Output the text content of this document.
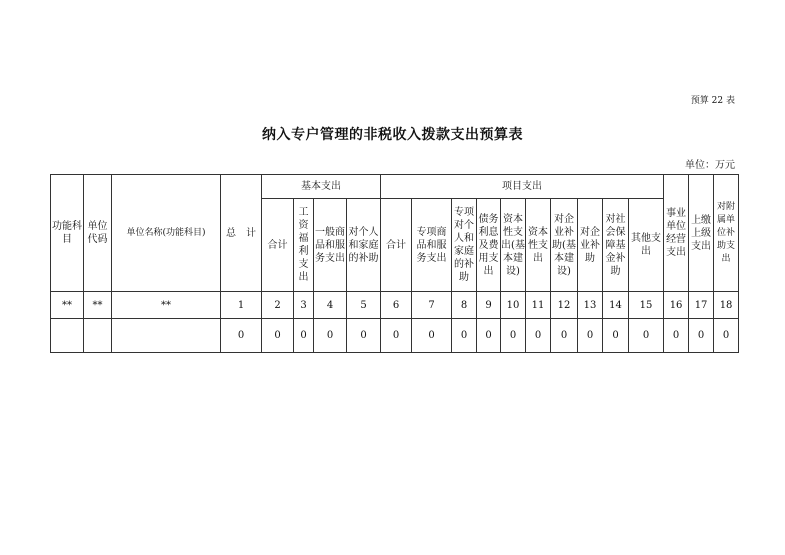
预算 22 表
纳入专户管理的非税收入拨款支出预算表
单位：万元
功能科目	单位代码	单位名称(功能科目)	总　计	基本支出				项目支出										事业单位经营支出	上缴上级支出	对附属单位补助支出
				合计	工资福利支出	一般商品和服务支出	对个人和家庭的补助	合计	专项商品和服务支出	专项对个人和家庭的补助	债务利息及费用支出	资本性支出(基本建设)	资本性支出	对企业补助(基本建设)	对企业补助	对社会保障基金补助	其他支出			
**	**	**	1	2	3	4	5	6	7	8	9	10	11	12	13	14	15	16	17	18
			0	0	0	0	0	0	0	0	0	0	0	0	0	0	0	0	0	0
